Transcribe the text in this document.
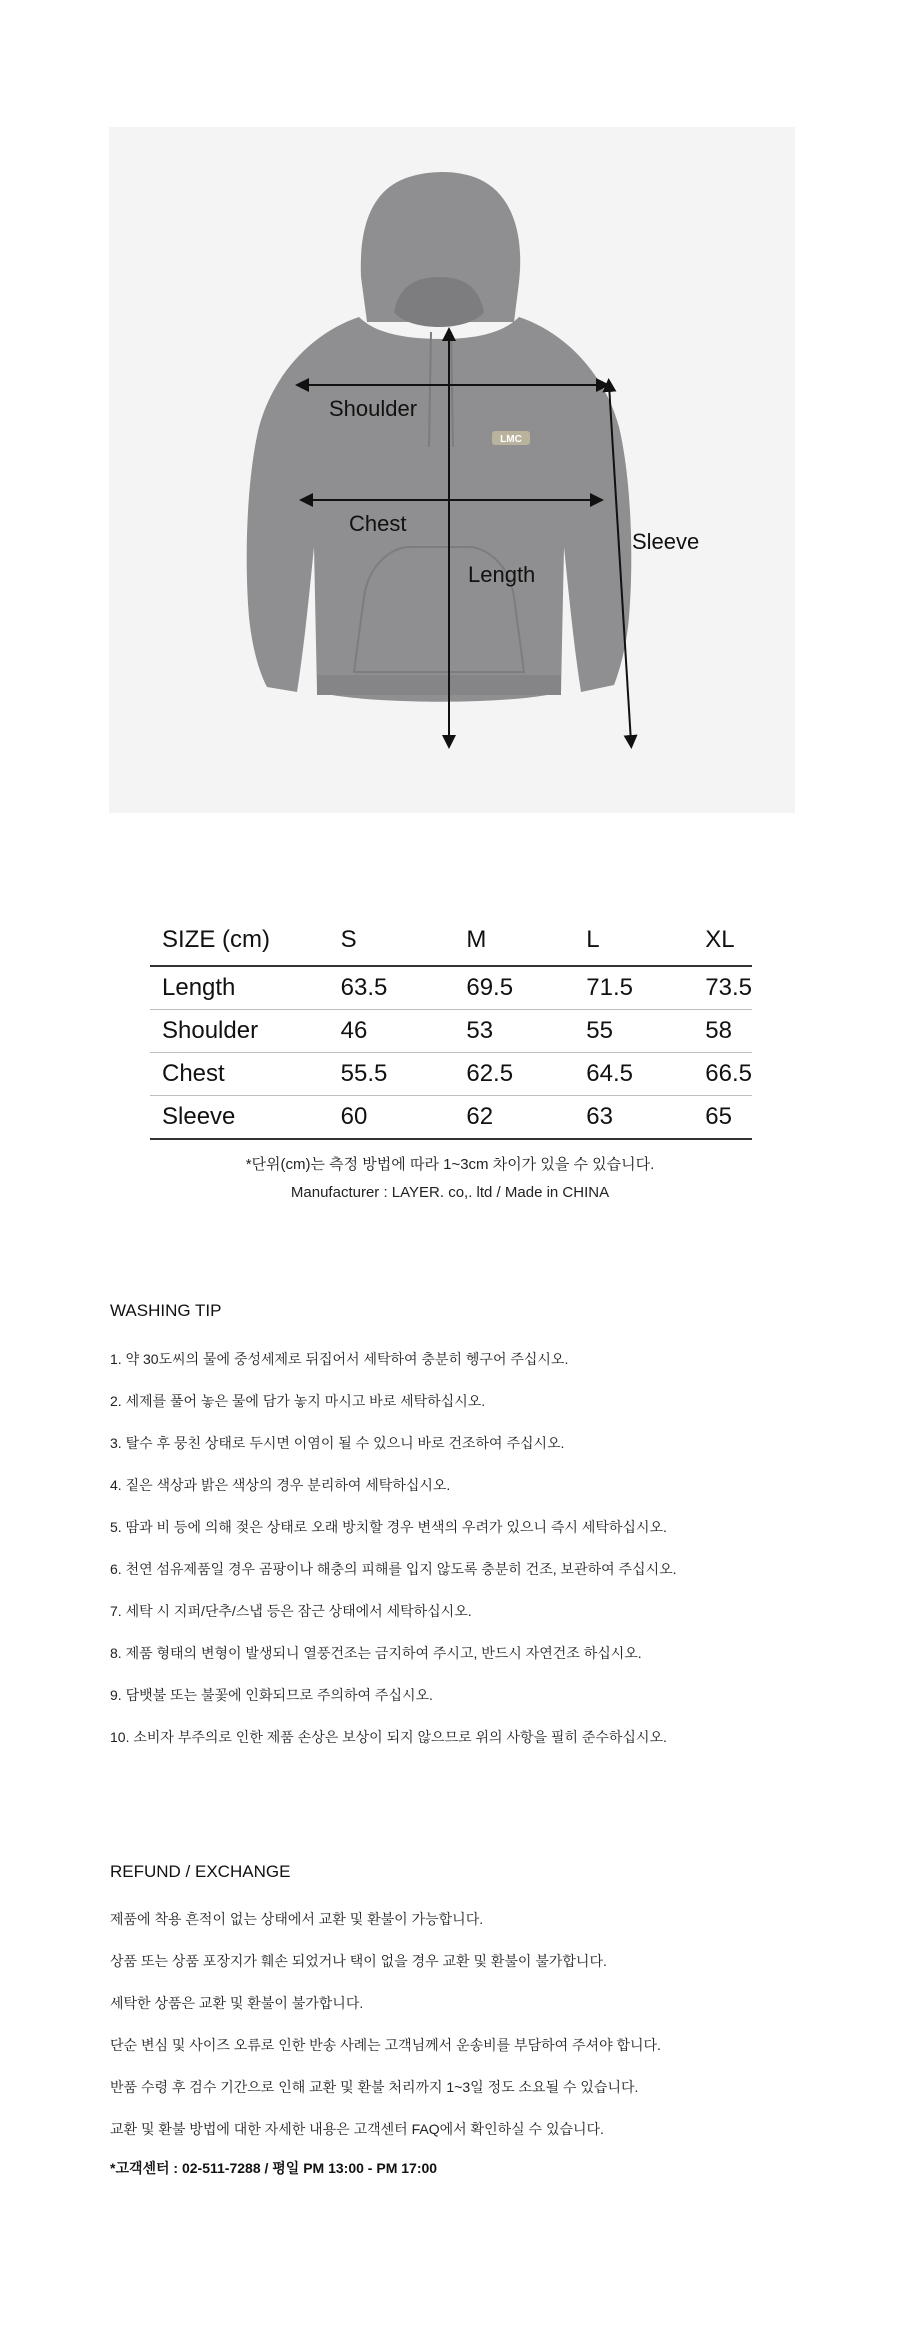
LMC
Shoulder
Chest
Length
Sleeve
SIZE (cm)	S	M	L	XL
Length	63.5	69.5	71.5	73.5
Shoulder	46	53	55	58
Chest	55.5	62.5	64.5	66.5
Sleeve	60	62	63	65
*단위(cm)는 측정 방법에 따라 1~3cm 차이가 있을 수 있습니다.
Manufacturer : LAYER. co,. ltd / Made in CHINA
WASHING TIP
1. 약 30도씨의 물에 중성세제로 뒤집어서 세탁하여 충분히 헹구어 주십시오.
2. 세제를 풀어 놓은 물에 담가 놓지 마시고 바로 세탁하십시오.
3. 탈수 후 뭉친 상태로 두시면 이염이 될 수 있으니 바로 건조하여 주십시오.
4. 짙은 색상과 밝은 색상의 경우 분리하여 세탁하십시오.
5. 땀과 비 등에 의해 젖은 상태로 오래 방치할 경우 변색의 우려가 있으니 즉시 세탁하십시오.
6. 천연 섬유제품일 경우 곰팡이나 해충의 피해를 입지 않도록 충분히 건조, 보관하여 주십시오.
7. 세탁 시 지퍼/단추/스냅 등은 잠근 상태에서 세탁하십시오.
8. 제품 형태의 변형이 발생되니 열풍건조는 금지하여 주시고, 반드시 자연건조 하십시오.
9. 담뱃불 또는 불꽃에 인화되므로 주의하여 주십시오.
10. 소비자 부주의로 인한 제품 손상은 보상이 되지 않으므로 위의 사항을 필히 준수하십시오.
REFUND / EXCHANGE
제품에 착용 흔적이 없는 상태에서 교환 및 환불이 가능합니다.
상품 또는 상품 포장지가 훼손 되었거나 택이 없을 경우 교환 및 환불이 불가합니다.
세탁한 상품은 교환 및 환불이 불가합니다.
단순 변심 및 사이즈 오류로 인한 반송 사례는 고객님께서 운송비를 부담하여 주셔야 합니다.
반품 수령 후 검수 기간으로 인해 교환 및 환불 처리까지 1~3일 정도 소요될 수 있습니다.
교환 및 환불 방법에 대한 자세한 내용은 고객센터 FAQ에서 확인하실 수 있습니다.
*고객센터 : 02-511-7288 / 평일 PM 13:00 - PM 17:00
